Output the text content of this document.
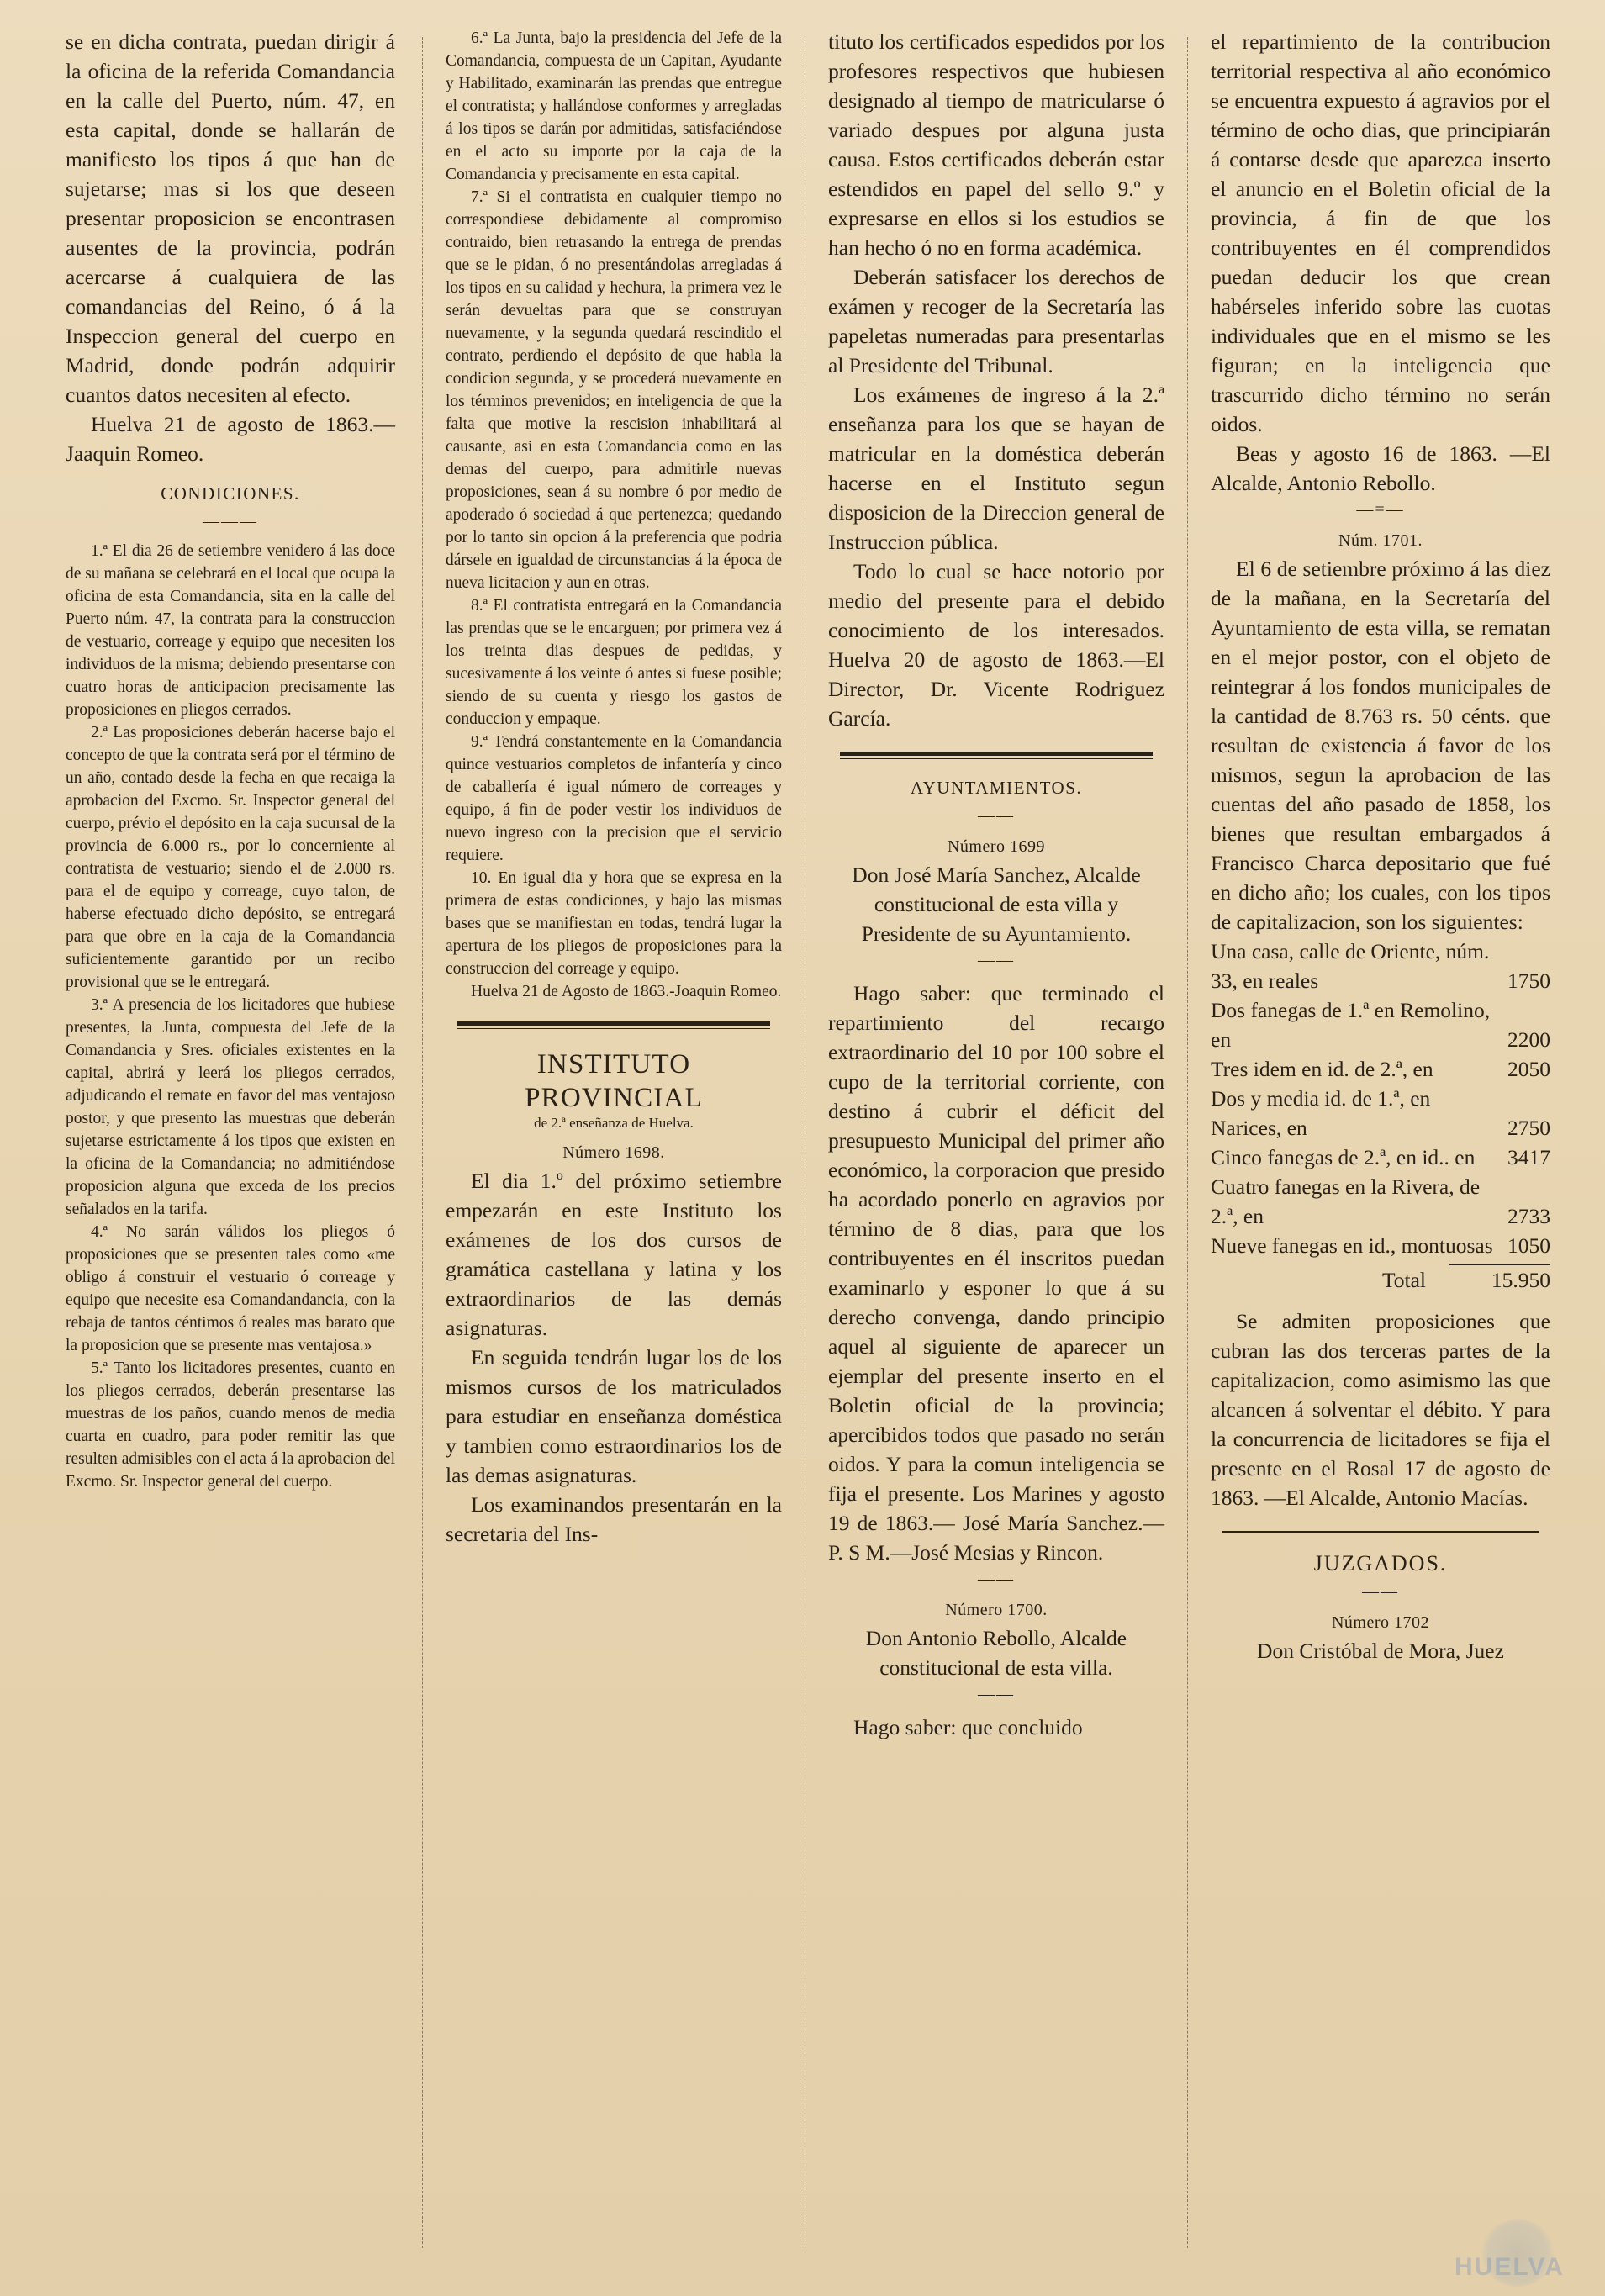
se en dicha contrata, puedan dirigir á la oficina de la referida Comandancia en la calle del Puerto, núm. 47, en esta capital, donde se hallarán de manifiesto los tipos á que han de sujetarse; mas si los que deseen presentar proposicion se encontrasen ausentes de la provincia, podrán acercarse á cualquiera de las comandancias del Reino, ó á la Inspeccion general del cuerpo en Madrid, donde podrán adquirir cuantos datos necesiten al efecto.

Huelva 21 de agosto de 1863.—Jaaquin Romeo.

CONDICIONES.
———

1.ª El dia 26 de setiembre venidero á las doce de su mañana se celebrará en el local que ocupa la oficina de esta Comandancia, sita en la calle del Puerto núm. 47, la contrata para la construccion de vestuario, correage y equipo que necesiten los individuos de la misma; debiendo presentarse con cuatro horas de anticipacion precisamente las proposiciones en pliegos cerrados.

2.ª Las proposiciones deberán hacerse bajo el concepto de que la contrata será por el término de un año, contado desde la fecha en que recaiga la aprobacion del Excmo. Sr. Inspector general del cuerpo, prévio el depósito en la caja sucursal de la provincia de 6.000 rs., por lo concerniente al contratista de vestuario; siendo el de 2.000 rs. para el de equipo y correage, cuyo talon, de haberse efectuado dicho depósito, se entregará para que obre en la caja de la Comandancia suficientemente garantido por un recibo provisional que se le entregará.

3.ª A presencia de los licitadores que hubiese presentes, la Junta, compuesta del Jefe de la Comandancia y Sres. oficiales existentes en la capital, abrirá y leerá los pliegos cerrados, adjudicando el remate en favor del mas ventajoso postor, y que presento las muestras que deberán sujetarse estrictamente á los tipos que existen en la oficina de la Comandancia; no admitiéndose proposicion alguna que exceda de los precios señalados en la tarifa.

4.ª No sarán válidos los pliegos ó proposiciones que se presenten tales como «me obligo á construir el vestuario ó correage y equipo que necesite esa Comandandancia, con la rebaja de tantos céntimos ó reales mas barato que la proposicion que se presente mas ventajosa.»

5.ª Tanto los licitadores presentes, cuanto en los pliegos cerrados, deberán presentarse las muestras de los paños, cuando menos de media cuarta en cuadro, para poder remitir las que resulten admisibles con el acta á la aprobacion del Excmo. Sr. Inspector general del cuerpo.

6.ª La Junta, bajo la presidencia del Jefe de la Comandancia, compuesta de un Capitan, Ayudante y Habilitado, examinarán las prendas que entregue el contratista; y hallándose conformes y arregladas á los tipos se darán por admitidas, satisfaciéndose en el acto su importe por la caja de la Comandancia y precisamente en esta capital.

7.ª Si el contratista en cualquier tiempo no correspondiese debidamente al compromiso contraido, bien retrasando la entrega de prendas que se le pidan, ó no presentándolas arregladas á los tipos en su calidad y hechura, la primera vez le serán devueltas para que se construyan nuevamente, y la segunda quedará rescindido el contrato, perdiendo el depósito de que habla la condicion segunda, y se procederá nuevamente en los términos prevenidos; en inteligencia de que la falta que motive la rescision inhabilitará al causante, asi en esta Comandancia como en las demas del cuerpo, para admitirle nuevas proposiciones, sean á su nombre ó por medio de apoderado ó sociedad á que pertenezca; quedando por lo tanto sin opcion á la preferencia que podria dársele en igualdad de circunstancias á la época de nueva licitacion y aun en otras.

8.ª El contratista entregará en la Comandancia las prendas que se le encarguen; por primera vez á los treinta dias despues de pedidas, y sucesivamente á los veinte ó antes si fuese posible; siendo de su cuenta y riesgo los gastos de conduccion y empaque.

9.ª Tendrá constantemente en la Comandancia quince vestuarios completos de infantería y cinco de caballería é igual número de correages y equipo, á fin de poder vestir los individuos de nuevo ingreso con la precision que el servicio requiere.

10. En igual dia y hora que se expresa en la primera de estas condiciones, y bajo las mismas bases que se manifiestan en todas, tendrá lugar la apertura de los pliegos de proposiciones para la construccion del correage y equipo.

Huelva 21 de Agosto de 1863.-Joaquin Romeo.

INSTITUTO PROVINCIAL
de 2.ª enseñanza de Huelva.
Número 1698.

El dia 1.º del próximo setiembre empezarán en este Instituto los exámenes de los dos cursos de gramática castellana y latina y los extraordinarios de las demás asignaturas.

En seguida tendrán lugar los de los mismos cursos de los matriculados para estudiar en enseñanza doméstica y tambien como estraordinarios los de las demas asignaturas.

Los examinandos presentarán en la secretaria del Ins-

tituto los certificados espedidos por los profesores respectivos que hubiesen designado al tiempo de matricularse ó variado despues por alguna justa causa. Estos certificados deberán estar estendidos en papel del sello 9.º y expresarse en ellos si los estudios se han hecho ó no en forma académica.

Deberán satisfacer los derechos de exámen y recoger de la Secretaría las papeletas numeradas para presentarlas al Presidente del Tribunal.

Los exámenes de ingreso á la 2.ª enseñanza para los que se hayan de matricular en la doméstica deberán hacerse en el Instituto segun disposicion de la Direccion general de Instruccion pública.

Todo lo cual se hace notorio por medio del presente para el debido conocimiento de los interesados. Huelva 20 de agosto de 1863.—El Director, Dr. Vicente Rodriguez García.

AYUNTAMIENTOS.
——
Número 1699

Don José María Sanchez, Alcalde constitucional de esta villa y Presidente de su Ayuntamiento.

——

Hago saber: que terminado el repartimiento del recargo extraordinario del 10 por 100 sobre el cupo de la territorial corriente, con destino á cubrir el déficit del presupuesto Municipal del primer año económico, la corporacion que presido ha acordado ponerlo en agravios por término de 8 dias, para que los contribuyentes en él inscritos puedan examinarlo y esponer lo que á su derecho convenga, dando principio aquel al siguiente de aparecer un ejemplar del presente inserto en el Boletin oficial de la provincia; apercibidos todos que pasado no serán oidos. Y para la comun inteligencia se fija el presente. Los Marines y agosto 19 de 1863.— José María Sanchez.—P. S M.—José Mesias y Rincon.

——
Número 1700.

Don Antonio Rebollo, Alcalde constitucional de esta villa.

——

Hago saber: que concluido

el repartimiento de la contribucion territorial respectiva al año económico se encuentra expuesto á agravios por el término de ocho dias, que principiarán á contarse desde que aparezca inserto el anuncio en el Boletin oficial de la provincia, á fin de que los contribuyentes en él comprendidos puedan deducir los que crean habérseles inferido sobre las cuotas individuales que en el mismo se les figuran; en la inteligencia que trascurrido dicho término no serán oidos.

Beas y agosto 16 de 1863. —El Alcalde, Antonio Rebollo.

—=—
Núm. 1701.

El 6 de setiembre próximo á las diez de la mañana, en la Secretaría del Ayuntamiento de esta villa, se rematan en el mejor postor, con el objeto de reintegrar á los fondos municipales de la cantidad de 8.763 rs. 50 cénts. que resultan de existencia á favor de los mismos, segun la aprobacion de las cuentas del año pasado de 1858, los bienes que resultan embargados á Francisco Charca depositario que fué en dicho año; los cuales, con los tipos de capitalizacion, son los siguientes:

Una casa, calle de Oriente, núm. 33, en reales	1750
Dos fanegas de 1.ª en Remolino, en	2200
Tres idem en id. de 2.ª, en	2050
Dos y media id. de 1.ª, en Narices, en	2750
Cinco fanegas de 2.ª, en id.. en	3417
Cuatro fanegas en la Rivera, de 2.ª, en	2733
Nueve fanegas en id., montuosas	1050
Total	15.950

Se admiten proposiciones que cubran las dos terceras partes de la capitalizacion, como asimismo las que alcancen á solventar el débito. Y para la concurrencia de licitadores se fija el presente en el Rosal 17 de agosto de 1863. —El Alcalde, Antonio Macías.

JUZGADOS.
——
Número 1702

Don Cristóbal de Mora, Juez

HUELVA
